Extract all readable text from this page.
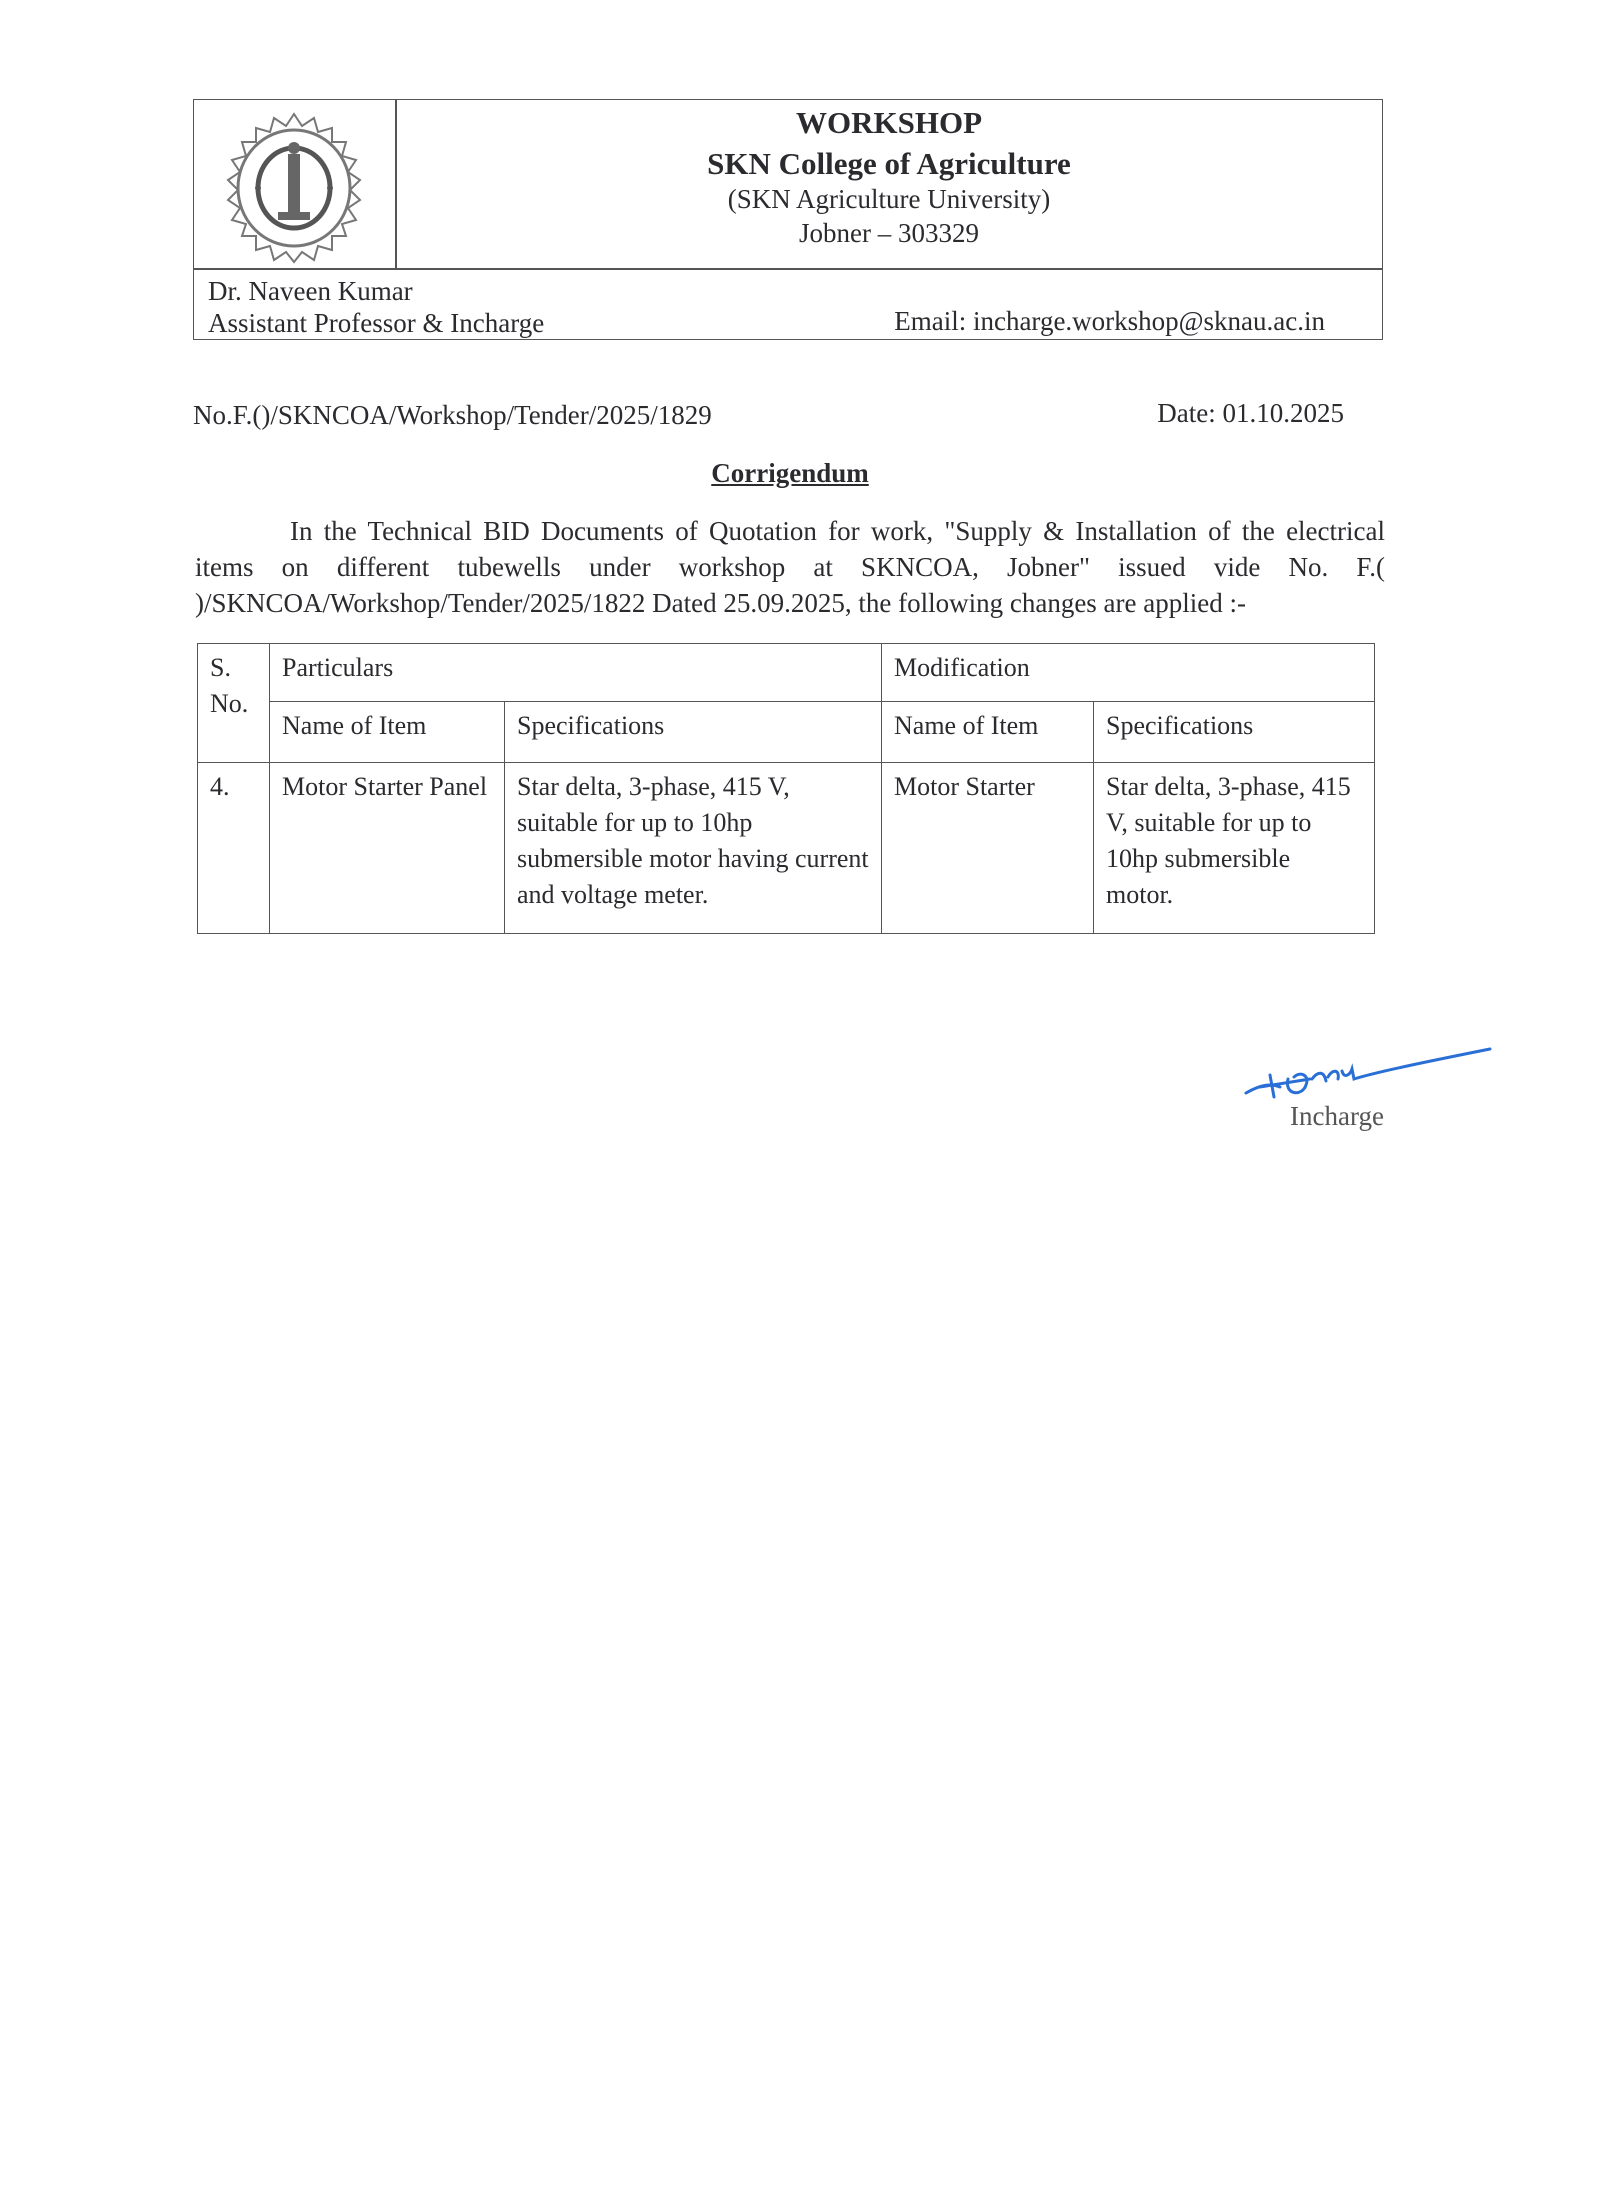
WORKSHOP
SKN College of Agriculture
(SKN Agriculture University)
Jobner – 303329
Dr. Naveen Kumar
Assistant Professor & Incharge	Email: incharge.workshop@sknau.ac.in
No.F.()/SKNCOA/Workshop/Tender/2025/1829	Date: 01.10.2025
Corrigendum
In the Technical BID Documents of Quotation for work, "Supply & Installation of the electrical items on different tubewells under workshop at SKNCOA, Jobner" issued vide No. F.( )/SKNCOA/Workshop/Tender/2025/1822 Dated 25.09.2025, the following changes are applied :-
S. No.	Particulars		Modification	
	Name of Item	Specifications	Name of Item	Specifications
4.	Motor Starter Panel	Star delta, 3-phase, 415 V, suitable for up to 10hp submersible motor having current and voltage meter.	Motor Starter	Star delta, 3-phase, 415 V, suitable for up to 10hp submersible motor.
Incharge
